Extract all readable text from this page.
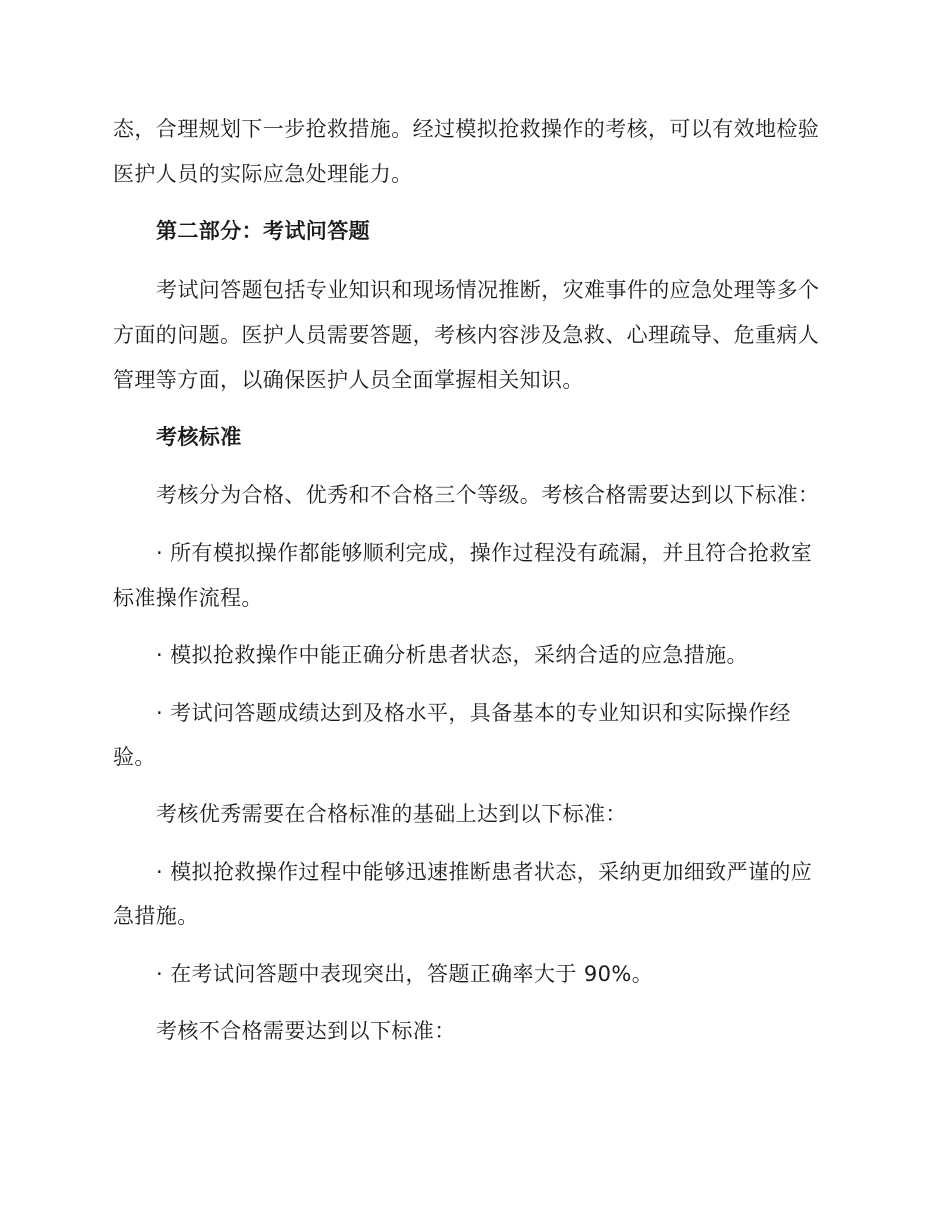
态，合理规划下一步抢救措施。经过模拟抢救操作的考核，可以有效地检验
医护人员的实际应急处理能力。
第二部分：考试问答题
考试问答题包括专业知识和现场情况推断，灾难事件的应急处理等多个
方面的问题。医护人员需要答题，考核内容涉及急救、心理疏导、危重病人
管理等方面，以确保医护人员全面掌握相关知识。
考核标准
考核分为合格、优秀和不合格三个等级。考核合格需要达到以下标准：
· 所有模拟操作都能够顺利完成，操作过程没有疏漏，并且符合抢救室
标准操作流程。
· 模拟抢救操作中能正确分析患者状态，采纳合适的应急措施。
· 考试问答题成绩达到及格水平，具备基本的专业知识和实际操作经
验。
考核优秀需要在合格标准的基础上达到以下标准：
· 模拟抢救操作过程中能够迅速推断患者状态，采纳更加细致严谨的应
急措施。
· 在考试问答题中表现突出，答题正确率大于 90%。
考核不合格需要达到以下标准：
